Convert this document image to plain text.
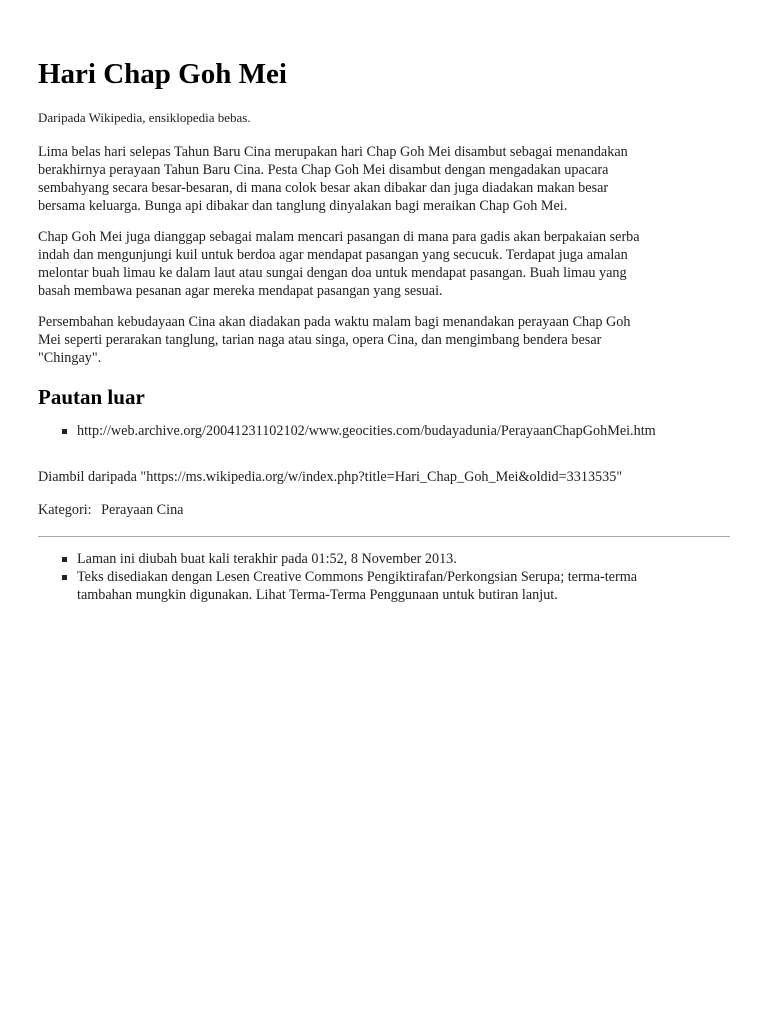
Hari Chap Goh Mei
Daripada Wikipedia, ensiklopedia bebas.

Lima belas hari selepas Tahun Baru Cina merupakan hari Chap Goh Mei disambut sebagai menandakan
berakhirnya perayaan Tahun Baru Cina. Pesta Chap Goh Mei disambut dengan mengadakan upacara
sembahyang secara besar-besaran, di mana colok besar akan dibakar dan juga diadakan makan besar
bersama keluarga. Bunga api dibakar dan tanglung dinyalakan bagi meraikan Chap Goh Mei.

Chap Goh Mei juga dianggap sebagai malam mencari pasangan di mana para gadis akan berpakaian serba
indah dan mengunjungi kuil untuk berdoa agar mendapat pasangan yang secucuk. Terdapat juga amalan
melontar buah limau ke dalam laut atau sungai dengan doa untuk mendapat pasangan. Buah limau yang
basah membawa pesanan agar mereka mendapat pasangan yang sesuai.

Persembahan kebudayaan Cina akan diadakan pada waktu malam bagi menandakan perayaan Chap Goh
Mei seperti perarakan tanglung, tarian naga atau singa, opera Cina, dan mengimbang bendera besar
"Chingay".

Pautan luar
http://web.archive.org/20041231102102/www.geocities.com/budayadunia/PerayaanChapGohMei.htm
Diambil daripada "https://ms.wikipedia.org/w/index.php?title=Hari_Chap_Goh_Mei&oldid=3313535"
Kategori: Perayaan Cina
Laman ini diubah buat kali terakhir pada 01:52, 8 November 2013.
Teks disediakan dengan Lesen Creative Commons Pengiktirafan/Perkongsian Serupa; terma-terma
tambahan mungkin digunakan. Lihat Terma-Terma Penggunaan untuk butiran lanjut.
